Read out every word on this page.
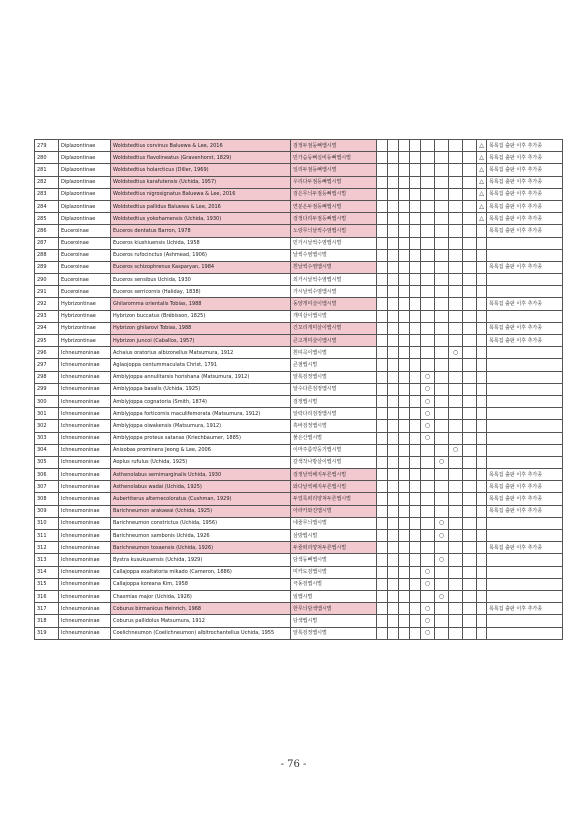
279	Diplazontinae	Woldstedtius corvinus Baluewa & Lee, 2016	검정두점둥뼈맵시벌									△	목록집 출판 이후 추가종
280	Diplazontinae	Woldstedtius flavolineatus (Gravenhorst, 1829)	민가슴둥뼈실비등뼈맵시벌									△	목록집 출판 이후 추가종
281	Diplazontinae	Woldstedtius holarcticus (Diller, 1969)	일리두점등뼈맵시벌									△	목록집 출판 이후 추가종
282	Diplazontinae	Woldstedtius karafutensis (Uchida, 1957)	우리다두점등뼈맵시벌									△	목록집 출판 이후 추가종
283	Diplazontinae	Woldstedtius nigrosignatus Baluewa & Lee, 2016	검은무늬두점등뼈맵시벌									△	목록집 출판 이후 추가종
284	Diplazontinae	Woldstedtius pallidus Baluewa & Lee, 2016	연분은두점등뼈맵시벌									△	목록집 출판 이후 추가종
285	Diplazontinae	Woldstedtius yokohamensis (Uchida, 1930)	검정다리두점등뼈맵시벌									△	목록집 출판 이후 추가종
286	Euceroinae	Euceros dentatus Barron, 1978	노랑무늬날씩수염맵시벌										목록집 출판 이후 추가종
287	Euceroinae	Euceros kiushiuensis Uchida, 1958	민가시날씩수염맵시벌										
288	Euceroinae	Euceros rufocinctus (Ashmead, 1906)	날씩수염맵시벌										
289	Euceroinae	Euceros schizophrenus Kasparyan, 1984	흰날씩수염맵시벌										목록집 출판 이후 추가종
290	Euceroinae	Euceros sensibus Uchida, 1930	외가시날씩수염맵시벌										
291	Euceroinae	Euceros serricornis (Haliday, 1838)	가시날씩수염맵시벌										
292	Hybrizontinae	Ghilaromma orientalis Tobias, 1988	동양개미살이맵시벌										목록집 출판 이후 추가종
293	Hybrizontinae	Hybrizon buccatus (Brébisson, 1825)	개미살이맵시벌										
294	Hybrizontinae	Hybrizon ghilarovi Tobias, 1988	긴꼬리개미살이맵시벌										목록집 출판 이후 추가종
295	Hybrizontinae	Hybrizon juncoi (Caballos, 1957)	큰고개미살이맵시벌										목록집 출판 이후 추가종
296	Ichneumoninae	Achaius oratorius albizonellus Matsumura, 1912	흰띠곡이맵시벌							○			
297	Ichneumoninae	Aglaojoppa centummaculata Christ, 1791	큰점맵시벌										
298	Ichneumoninae	Amblyjoppa annulitarsis horishana (Matsumura, 1912)	알록검정맵시벌					○					
299	Ichneumoninae	Amblyjoppa basalis (Uchida, 1925)	알수다른검정맵시벌					○					
300	Ichneumoninae	Amblyjoppa cognatoria (Smith, 1874)	검정맵시벌					○					
301	Ichneumoninae	Amblyjoppa forticornis maculifemorata (Matsumura, 1912)	알락다리검정맵시벌					○					
302	Ichneumoninae	Amblyjoppa oiwakensis (Matsumura, 1912)	흑바검정맵시벌					○					
303	Ichneumoninae	Amblyjoppa proteus satanas (Kriechbaumer, 1885)	붉은산맵시벌					○					
304	Ichneumoninae	Anisobas prominens Jeong & Lee, 2006	이마주름약둥기맵시벌							○			
305	Ichneumoninae	Aoplus rufulus (Uchida, 1925)	갈색작나방살이맵시벌						○				
306	Ichneumoninae	Asthenolabus semimarginalis Uchida, 1930	검정날씩배지두른맵시벌										목록집 출판 이후 추가종
307	Ichneumoninae	Asthenolabus wadai (Uchida, 1925)	와다날씩배지두른맵시벌										목록집 출판 이후 추가종
308	Ichneumoninae	Aubertiterus alternecoloratus (Cushman, 1929)	두얼룩떠리양쳐두른맵시벌										목록집 출판 이후 추가종
309	Ichneumoninae	Barichneumon arakawai (Uchida, 1925)	아라카와진맵시벌										목록집 출판 이후 추가종
310	Ichneumoninae	Barichneumon constrictus (Uchida, 1956)	네줄무늬맵시벌						○				
311	Ichneumoninae	Barichneumon sambonis Uchida, 1926	삼방맵시벌						○				
312	Ichneumoninae	Barichneumon tosaensis (Uchida, 1926)	두줄떠리양쳐두른맵시벌										목록집 출판 이후 추가종
313	Ichneumoninae	Bystra kusukusensis (Uchida, 1929)	담색둥뼈맵시벌						○				
314	Ichneumoninae	Callajoppa exaltatoria mikado (Cameron, 1886)	미카도검맵시벌					○					
315	Ichneumoninae	Callajoppa koreana Kim, 1958	극동검맵시벌					○					
316	Ichneumoninae	Chasmias major (Uchida, 1926)	임맵시벌						○				
317	Ichneumoninae	Coburus birmanicus Heinrich, 1968	한무늬담색맵시벌					○					목록집 출판 이후 추가종
318	Ichneumoninae	Coburus pallidolus Matsumura, 1912	담색맵시벌					○					
319	Ichneumoninae	Coelichneumon (Coelichneumon) albitrochantellus Uchida, 1955	알록검정맵시벌					○					
- 76 -
